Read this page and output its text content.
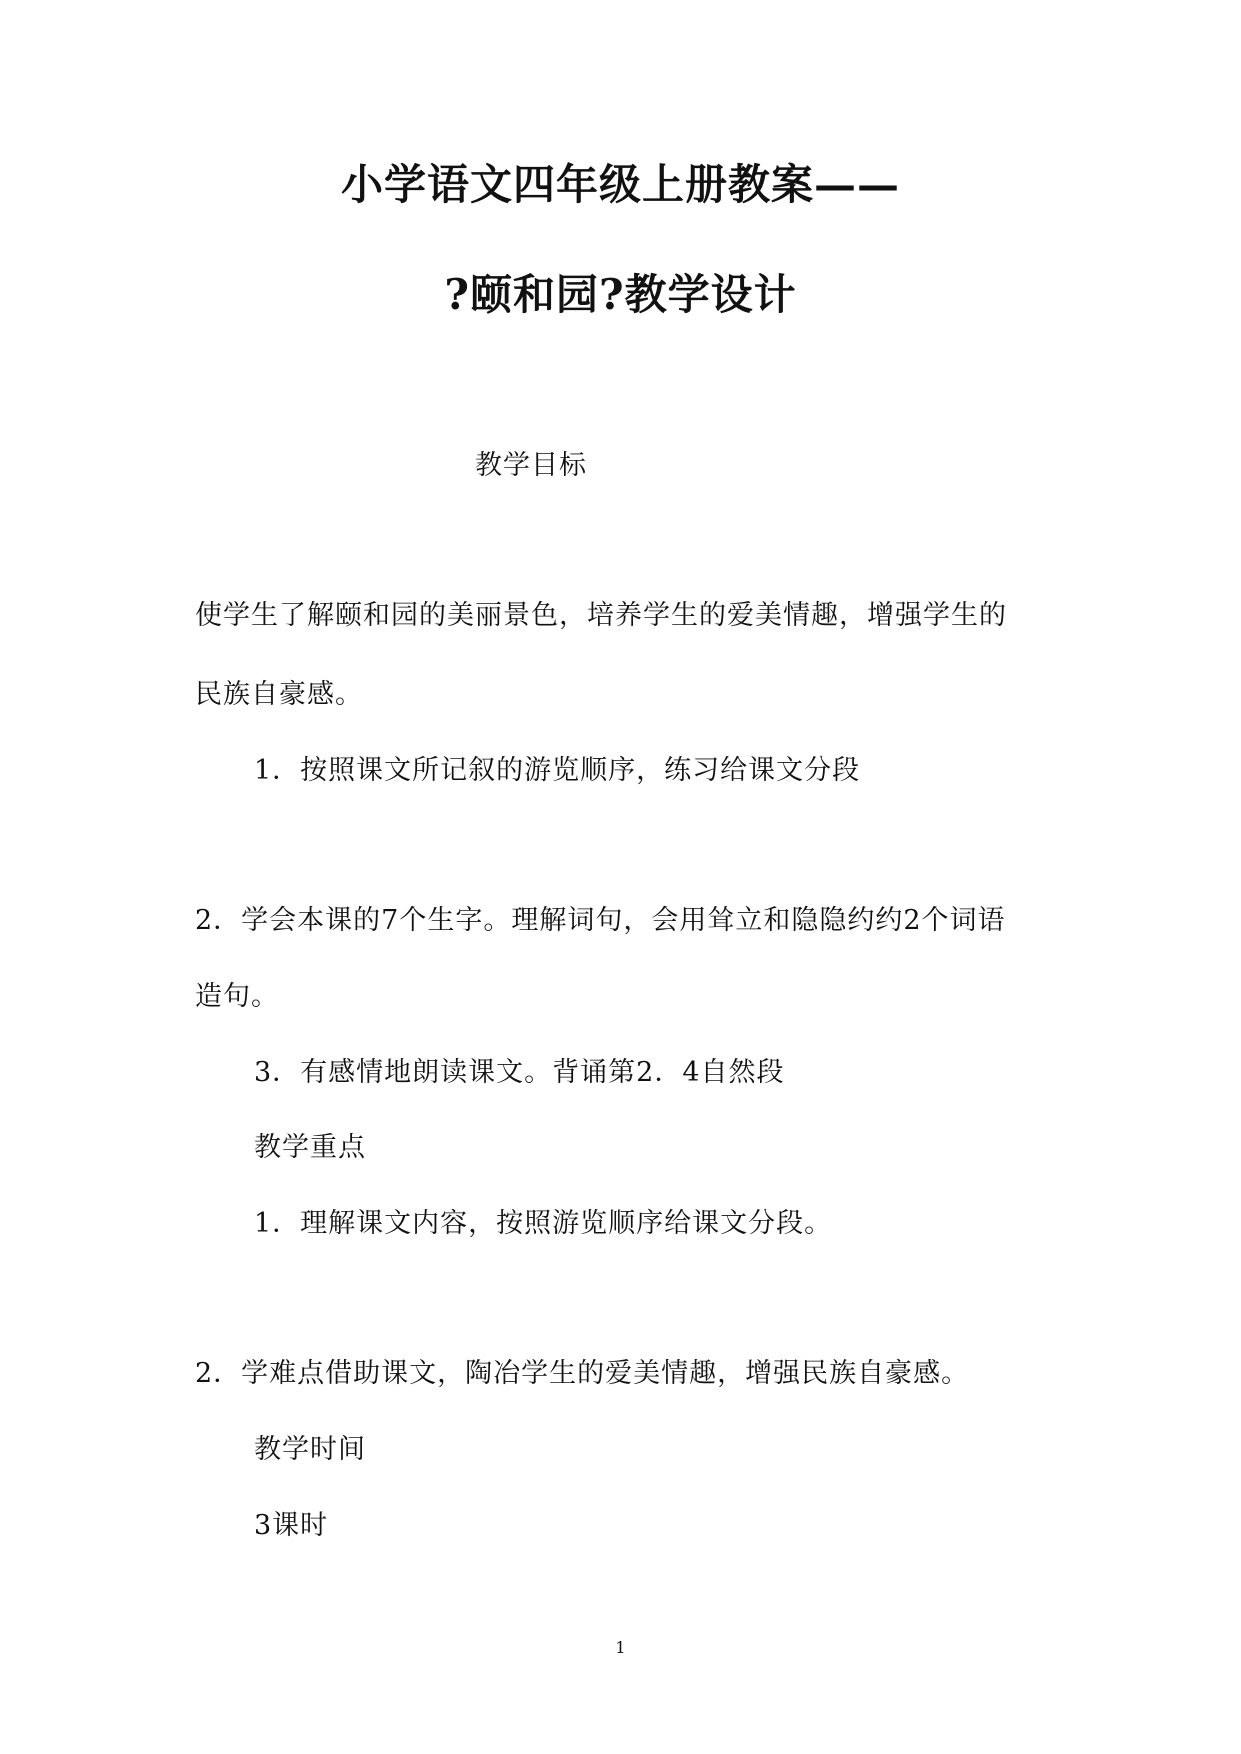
小学语文四年级上册教案——
?颐和园?教学设计
教学目标
使学生了解颐和园的美丽景色，培养学生的爱美情趣，增强学生的
民族自豪感。
1．按照课文所记叙的游览顺序，练习给课文分段
2．学会本课的7个生字。理解词句，会用耸立和隐隐约约2个词语
造句。
3．有感情地朗读课文。背诵第2．4自然段
教学重点
1．理解课文内容，按照游览顺序给课文分段。
2．学难点借助课文，陶冶学生的爱美情趣，增强民族自豪感。
教学时间
3课时
1
